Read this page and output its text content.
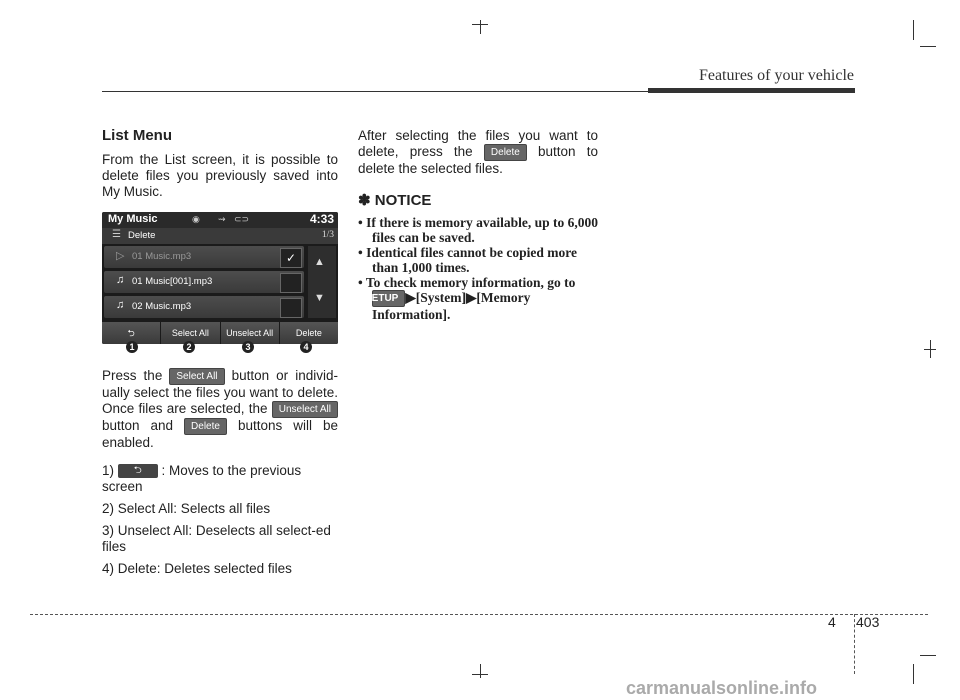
Features of your vehicle
List Menu

From the List screen, it is possible to delete files you previously saved into My Music.

Press the Select All button or individ-ually select the files you want to delete. Once files are selected, the Unselect Allbutton and Delete buttons will be enabled.

1) ⮌ : Moves to the previous screen

2) Select All: Selects all files

3) Unselect All: Deselects all select-ed files

4) Delete: Deletes selected files

My Music	◉ ⇝ ⊂⊃	4:33
☰ Delete	1/3
▷ 01 Music.mp3	✓
♫ 01 Music[001].mp3
♫ 02 Music.mp3
▲
▼
⮌	Select All	Unselect All	Delete
1	2	3	4

After selecting the files you want to delete, press the Delete button to delete the selected files.

✽ NOTICE
• If there is memory available, up to 6,000 files can be saved.
• Identical files cannot be copied more than 1,000 times.
• To check memory information, go to SETUP ▶[System]▶[Memory Information].
4 403
carmanualsonline.info
